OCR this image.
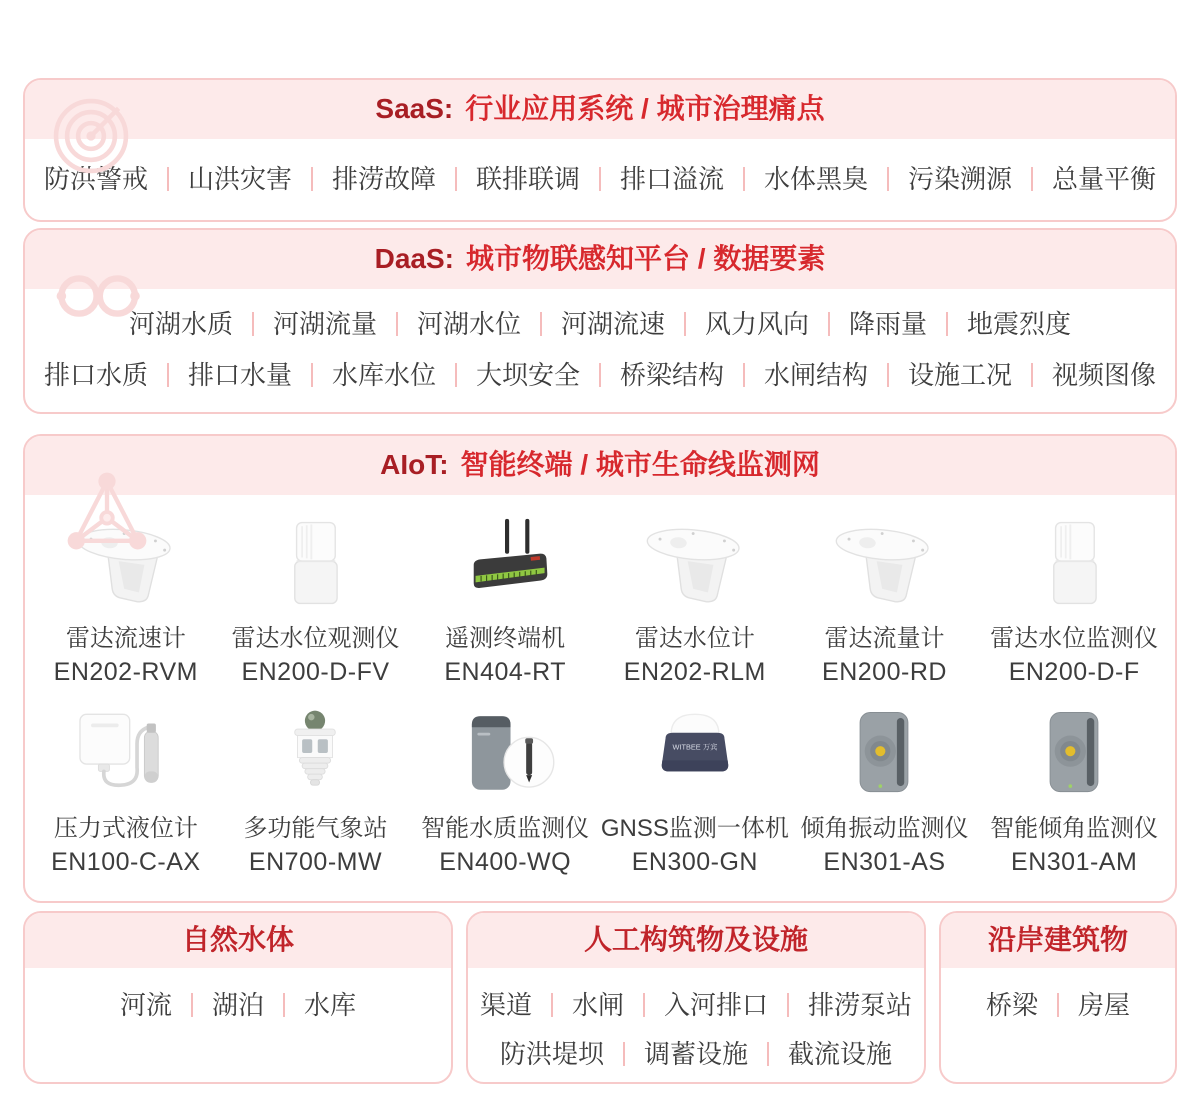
SaaS: 行业应用系统 / 城市治理痛点
防洪警戒	山洪灾害	排涝故障	联排联调	排口溢流	水体黑臭	污染溯源	总量平衡
DaaS: 城市物联感知平台 / 数据要素
河湖水质	河湖流量	河湖水位	河湖流速	风力风向	降雨量	地震烈度
排口水质	排口水量	水库水位	大坝安全	桥梁结构	水闸结构	设施工况	视频图像
AIoT: 智能终端 / 城市生命线监测网
雷达流速计
EN202-RVM
雷达水位观测仪
EN200-D-FV
遥测终端机
EN404-RT
雷达水位计
EN202-RLM
雷达流量计
EN200-RD
雷达水位监测仪
EN200-D-F
压力式液位计
EN100-C-AX
多功能气象站
EN700-MW
智能水质监测仪
EN400-WQ
GNSS监测一体机
EN300-GN
倾角振动监测仪
EN301-AS
智能倾角监测仪
EN301-AM
自然水体
河流	湖泊	水库
人工构筑物及设施
渠道	水闸	入河排口	排涝泵站
防洪堤坝	调蓄设施	截流设施
沿岸建筑物
桥梁	房屋
